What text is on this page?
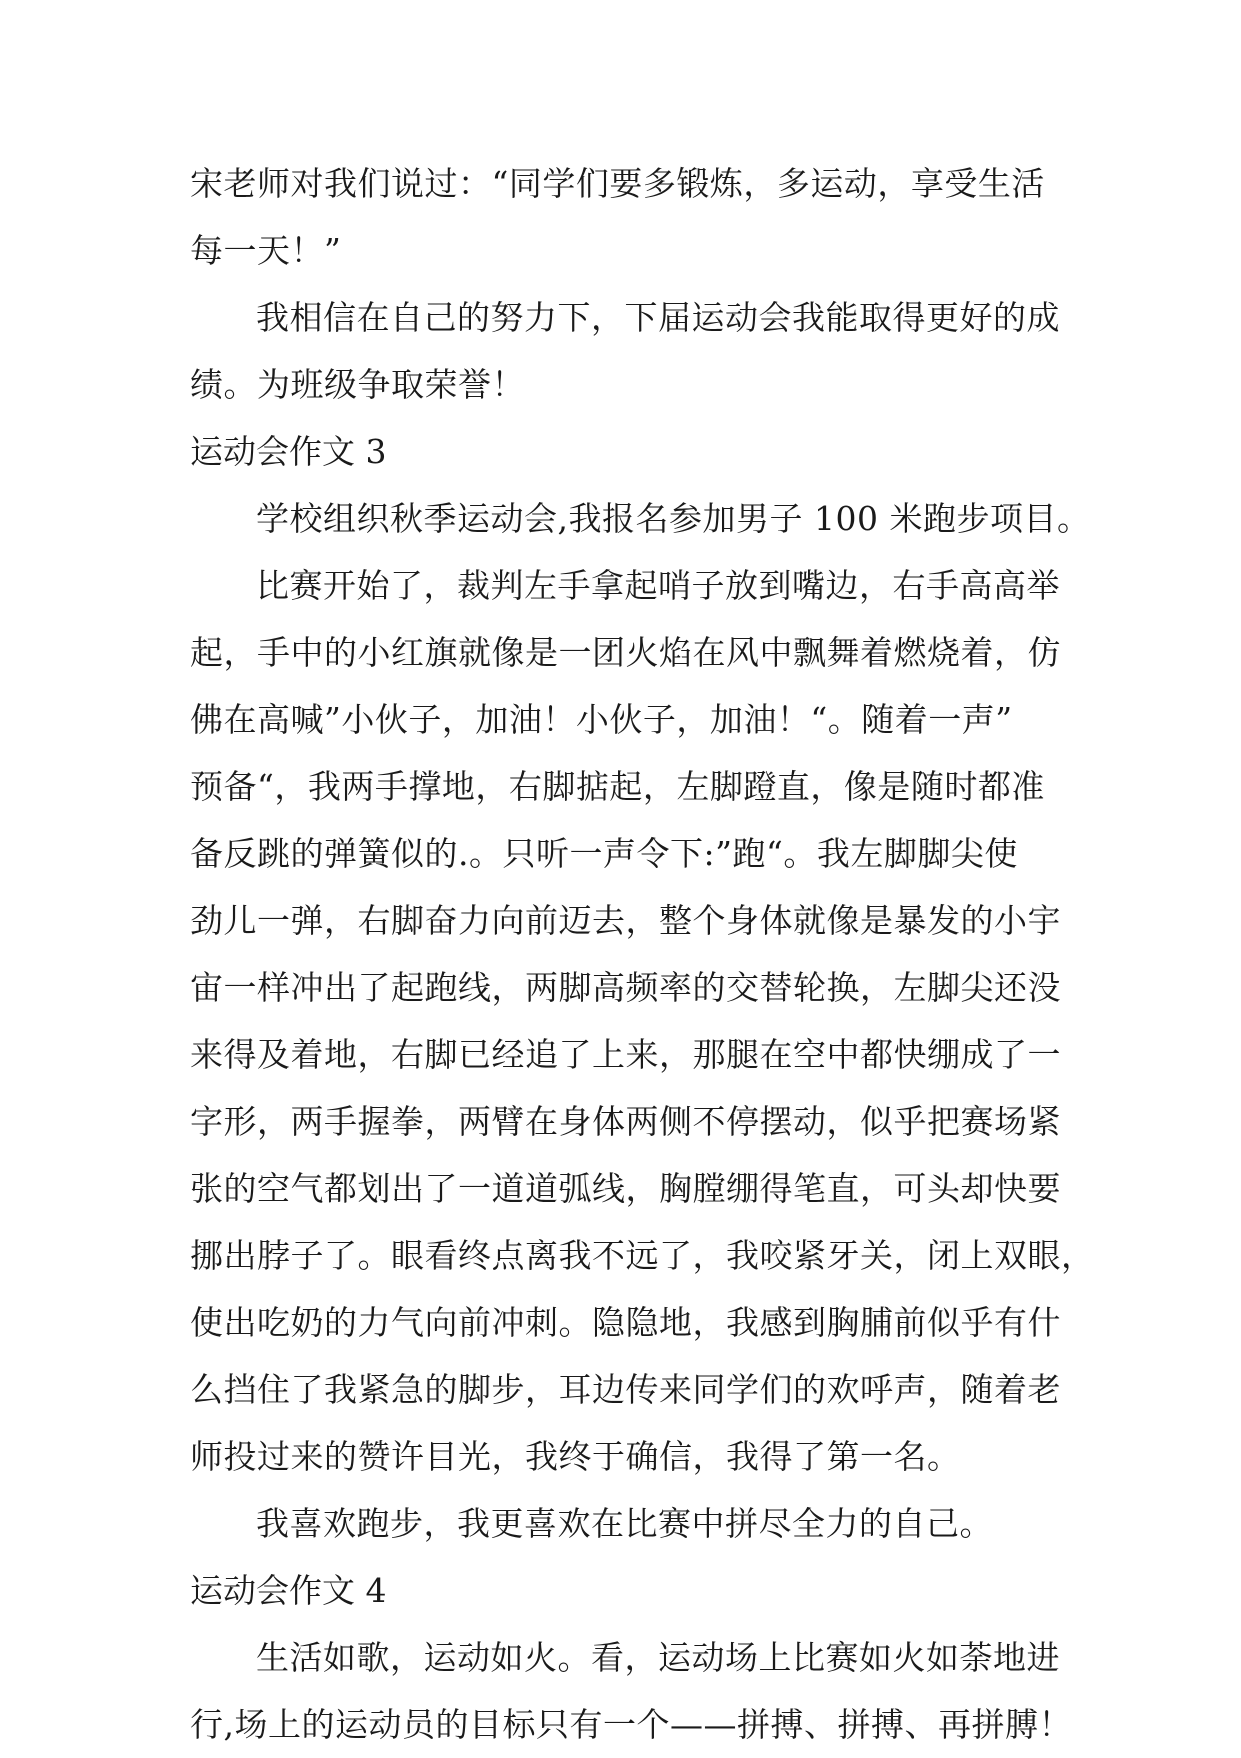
宋老师对我们说过：“同学们要多锻炼，多运动，享受生活
每一天！”
我相信在自己的努力下，下届运动会我能取得更好的成
绩。为班级争取荣誉！
运动会作文 3
学校组织秋季运动会,我报名参加男子 100 米跑步项目。
比赛开始了，裁判左手拿起哨子放到嘴边，右手高高举
起，手中的小红旗就像是一团火焰在风中飘舞着燃烧着，仿
佛在高喊”小伙子，加油！小伙子，加油！“。随着一声”
预备“，我两手撑地，右脚掂起，左脚蹬直，像是随时都准
备反跳的弹簧似的.。只听一声令下:”跑“。我左脚脚尖使
劲儿一弹，右脚奋力向前迈去，整个身体就像是暴发的小宇
宙一样冲出了起跑线，两脚高频率的交替轮换，左脚尖还没
来得及着地，右脚已经追了上来，那腿在空中都快绷成了一
字形，两手握拳，两臂在身体两侧不停摆动，似乎把赛场紧
张的空气都划出了一道道弧线，胸膛绷得笔直，可头却快要
挪出脖子了。眼看终点离我不远了，我咬紧牙关，闭上双眼，
使出吃奶的力气向前冲刺。隐隐地，我感到胸脯前似乎有什
么挡住了我紧急的脚步，耳边传来同学们的欢呼声，随着老
师投过来的赞许目光，我终于确信，我得了第一名。
我喜欢跑步，我更喜欢在比赛中拼尽全力的自己。
运动会作文 4
生活如歌，运动如火。看，运动场上比赛如火如荼地进
行,场上的运动员的目标只有一个——拼搏、拼搏、再拼膊！
